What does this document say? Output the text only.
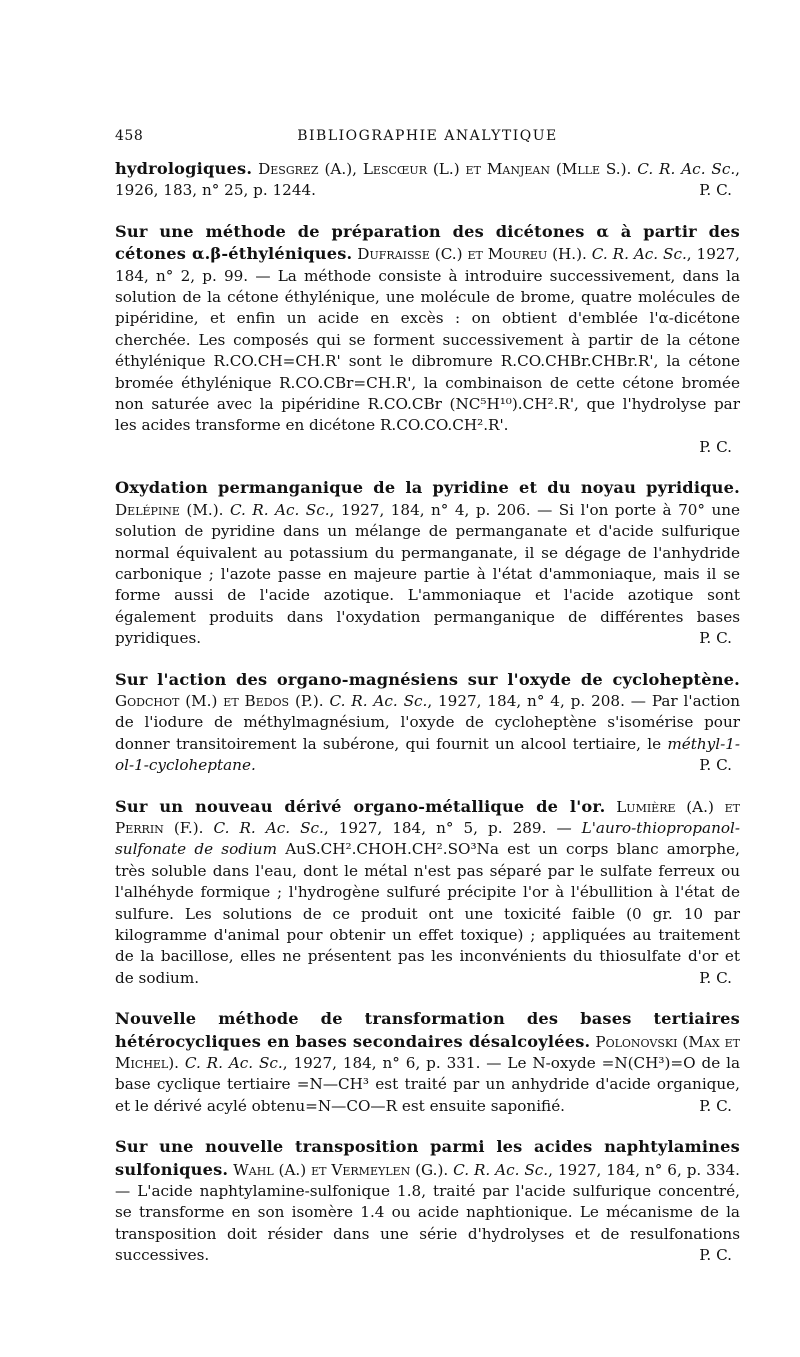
458	BIBLIOGRAPHIE ANALYTIQUE

hydrologiques. Desgrez (A.), Lescœur (L.) et Manjean (Mlle S.). C. R. Ac. Sc., 1926, 183, n° 25, p. 1244.	P. C.

Sur une méthode de préparation des dicétones α à partir des cétones α.β-éthyléniques. Dufraisse (C.) et Moureu (H.). C. R. Ac. Sc., 1927, 184, n° 2, p. 99. — La méthode consiste à introduire successivement, dans la solution de la cétone éthylénique, une molécule de brome, quatre molécules de pipéridine, et enfin un acide en excès : on obtient d'emblée l'α-dicétone cherchée. Les composés qui se forment successivement à partir de la cétone éthylénique R.CO.CH=CH.R' sont le dibromure R.CO.CHBr.CHBr.R', la cétone bromée éthylénique R.CO.CBr=CH.R', la combinaison de cette cétone bromée non saturée avec la pipéridine R.CO.CBr (NC⁵H¹⁰).CH².R', que l'hydrolyse par les acides transforme en dicétone R.CO.CO.CH².R'.

P. C.

Oxydation permanganique de la pyridine et du noyau pyridique. Delépine (M.). C. R. Ac. Sc., 1927, 184, n° 4, p. 206. — Si l'on porte à 70° une solution de pyridine dans un mélange de permanganate et d'acide sulfurique normal équivalent au potassium du permanganate, il se dégage de l'anhydride carbonique ; l'azote passe en majeure partie à l'état d'ammoniaque, mais il se forme aussi de l'acide azotique. L'ammoniaque et l'acide azotique sont également produits dans l'oxydation permanganique de différentes bases pyridiques.	P. C.

Sur l'action des organo-magnésiens sur l'oxyde de cycloheptène. Godchot (M.) et Bedos (P.). C. R. Ac. Sc., 1927, 184, n° 4, p. 208. — Par l'action de l'iodure de méthylmagnésium, l'oxyde de cycloheptène s'isomérise pour donner transitoirement la subérone, qui fournit un alcool tertiaire, le méthyl-1-ol-1-cycloheptane.	P. C.

Sur un nouveau dérivé organo-métallique de l'or. Lumière (A.) et Perrin (F.). C. R. Ac. Sc., 1927, 184, n° 5, p. 289. — L'auro-thiopropanol-sulfonate de sodium AuS.CH².CHOH.CH².SO³Na est un corps blanc amorphe, très soluble dans l'eau, dont le métal n'est pas séparé par le sulfate ferreux ou l'alhéhyde formique ; l'hydrogène sulfuré précipite l'or à l'ébullition à l'état de sulfure. Les solutions de ce produit ont une toxicité faible (0 gr. 10 par kilogramme d'animal pour obtenir un effet toxique) ; appliquées au traitement de la bacillose, elles ne présentent pas les inconvénients du thiosulfate d'or et de sodium.	P. C.

Nouvelle méthode de transformation des bases tertiaires hétérocycliques en bases secondaires désalcoylées. Polonovski (Max et Michel). C. R. Ac. Sc., 1927, 184, n° 6, p. 331. — Le N-oxyde =N(CH³)=O de la base cyclique tertiaire =N—CH³ est traité par un anhydride d'acide organique, et le dérivé acylé obtenu=N—CO—R est ensuite saponifié.	P. C.

Sur une nouvelle transposition parmi les acides naphtylamines sulfoniques. Wahl (A.) et Vermeylen (G.). C. R. Ac. Sc., 1927, 184, n° 6, p. 334. — L'acide naphtylamine-sulfonique 1.8, traité par l'acide sulfurique concentré, se transforme en son isomère 1.4 ou acide naphtionique. Le mécanisme de la transposition doit résider dans une série d'hydrolyses et de resulfonations successives.	P. C.
